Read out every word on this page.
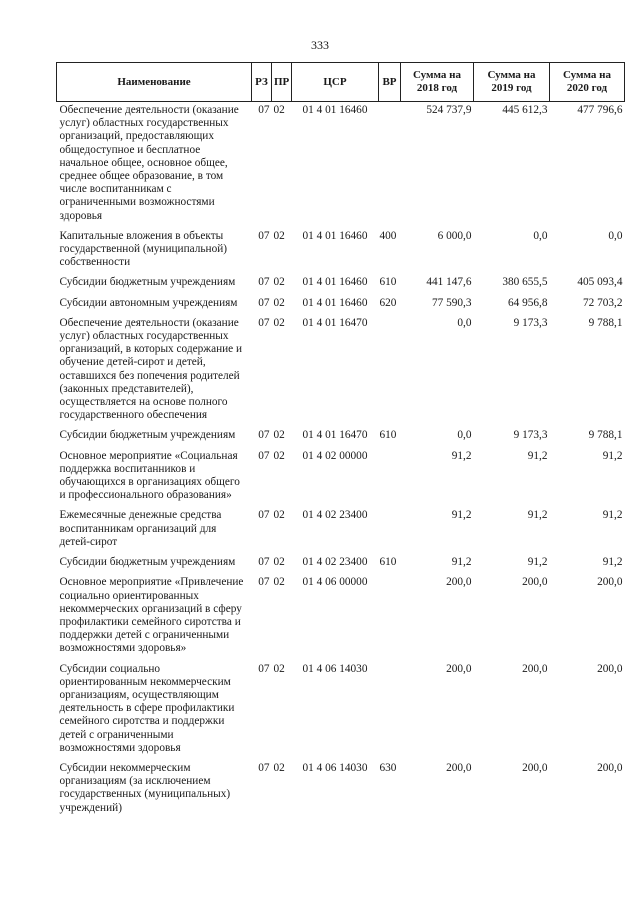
333
Наименование	РЗ	ПР	ЦСР	ВР	Сумма на 2018 год	Сумма на 2019 год	Сумма на 2020 год
Обеспечение деятельности (оказание услуг) областных государственных организаций, предоставляющих общедоступное и бесплатное начальное общее, основное общее, среднее общее образование, в том числе воспитанникам с ограниченными возможностями здоровья	07	02	01 4 01 16460		524 737,9	445 612,3	477 796,6
Капитальные вложения в объекты государственной (муниципальной) собственности	07	02	01 4 01 16460	400	6 000,0	0,0	0,0
Субсидии бюджетным учреждениям	07	02	01 4 01 16460	610	441 147,6	380 655,5	405 093,4
Субсидии автономным учреждениям	07	02	01 4 01 16460	620	77 590,3	64 956,8	72 703,2
Обеспечение деятельности (оказание услуг) областных государственных организаций, в которых содержание и обучение детей-сирот и детей, оставшихся без попечения родителей (законных представителей), осуществляется на основе полного государственного обеспечения	07	02	01 4 01 16470		0,0	9 173,3	9 788,1
Субсидии бюджетным учреждениям	07	02	01 4 01 16470	610	0,0	9 173,3	9 788,1
Основное мероприятие «Социальная поддержка воспитанников и обучающихся в организациях общего и профессионального образования»	07	02	01 4 02 00000		91,2	91,2	91,2
Ежемесячные денежные средства воспитанникам организаций для детей-сирот	07	02	01 4 02 23400		91,2	91,2	91,2
Субсидии бюджетным учреждениям	07	02	01 4 02 23400	610	91,2	91,2	91,2
Основное мероприятие «Привлечение социально ориентированных некоммерческих организаций в сферу профилактики семейного сиротства и поддержки детей с ограниченными возможностями здоровья»	07	02	01 4 06 00000		200,0	200,0	200,0
Субсидии социально ориентированным некоммерческим организациям, осуществляющим деятельность в сфере профилактики семейного сиротства и поддержки детей с ограниченными возможностями здоровья	07	02	01 4 06 14030		200,0	200,0	200,0
Субсидии некоммерческим организациям (за исключением государственных (муниципальных) учреждений)	07	02	01 4 06 14030	630	200,0	200,0	200,0
